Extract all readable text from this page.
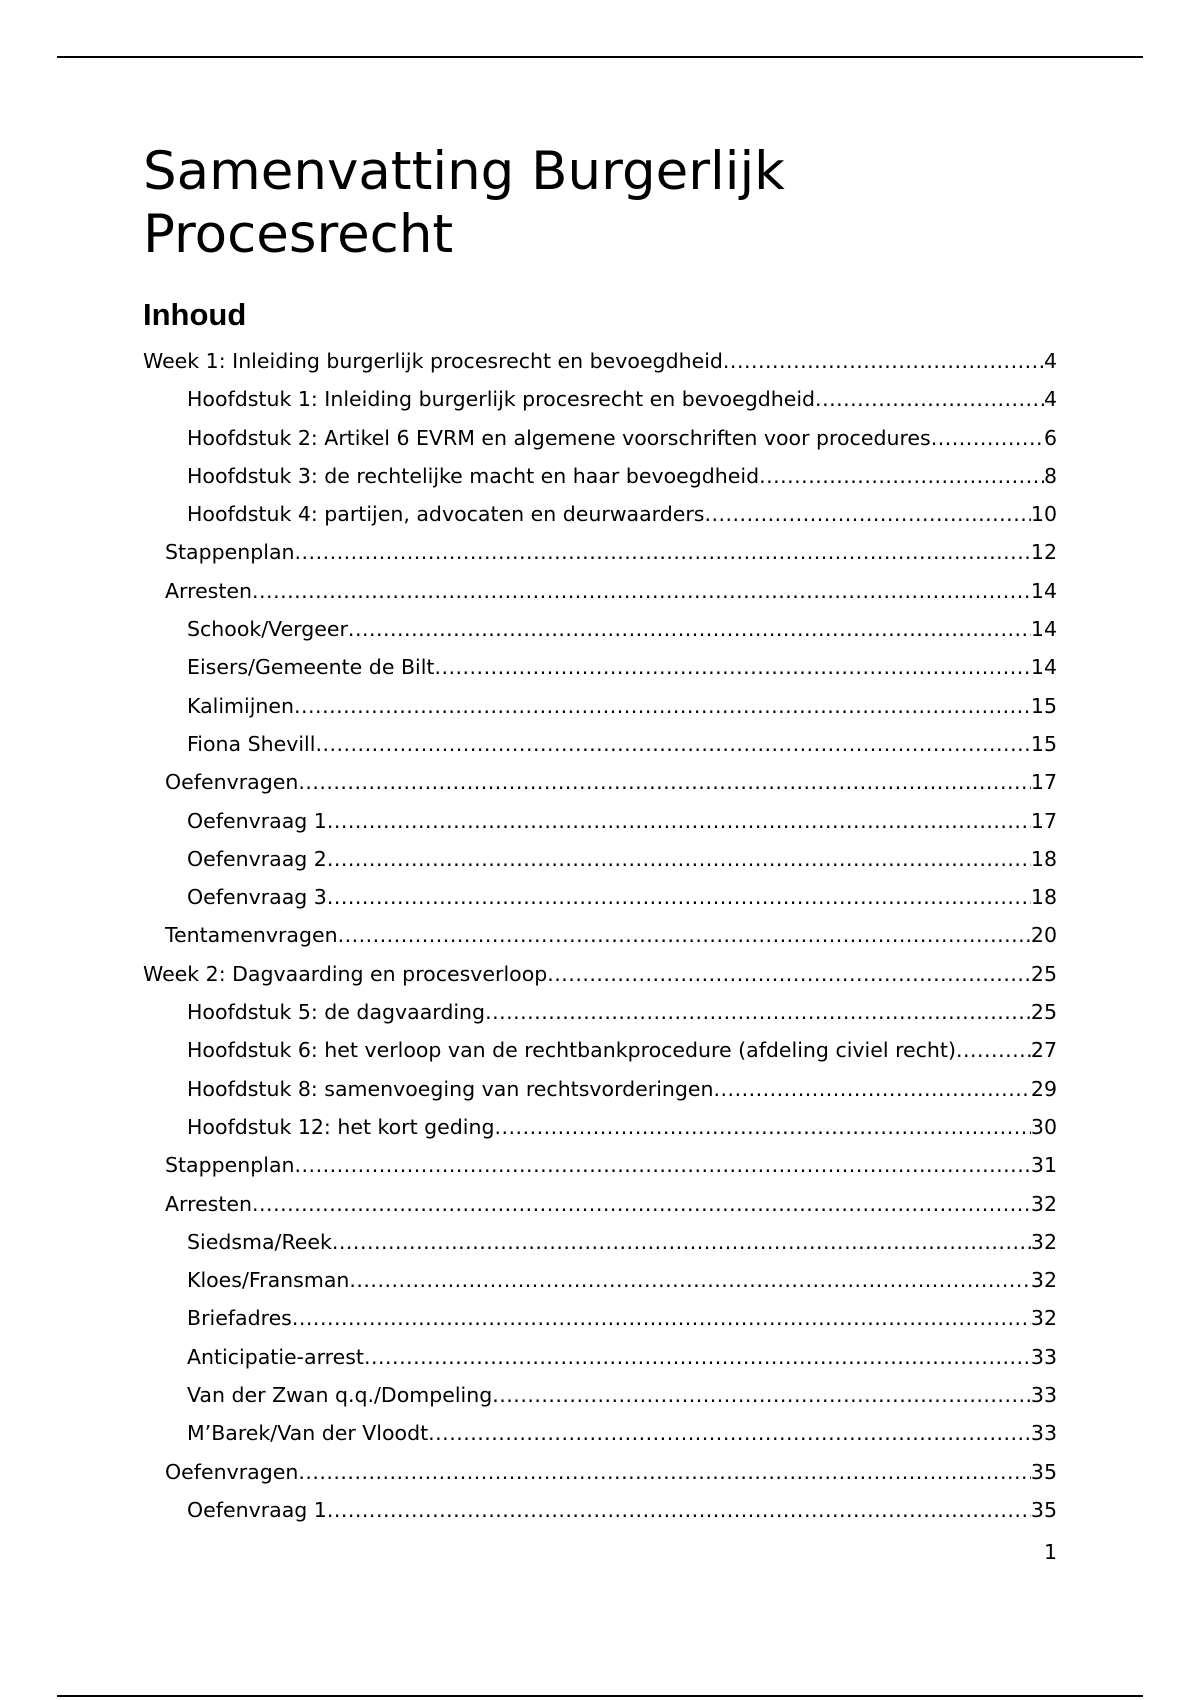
Samenvatting Burgerlijk Procesrecht
Inhoud
Week 1: Inleiding burgerlijk procesrecht en bevoegdheid .....	4
Hoofdstuk 1: Inleiding burgerlijk procesrecht en bevoegdheid .....	4
Hoofdstuk 2: Artikel 6 EVRM en algemene voorschriften voor procedures .....	6
Hoofdstuk 3: de rechtelijke macht en haar bevoegdheid .....	8
Hoofdstuk 4: partijen, advocaten en deurwaarders .....	10
Stappenplan .....	12
Arresten .....	14
Schook/Vergeer .....	14
Eisers/Gemeente de Bilt .....	14
Kalimijnen .....	15
Fiona Shevill .....	15
Oefenvragen .....	17
Oefenvraag 1 .....	17
Oefenvraag 2 .....	18
Oefenvraag 3 .....	18
Tentamenvragen .....	20
Week 2: Dagvaarding en procesverloop .....	25
Hoofdstuk 5: de dagvaarding .....	25
Hoofdstuk 6: het verloop van de rechtbankprocedure (afdeling civiel recht) .....	27
Hoofdstuk 8: samenvoeging van rechtsvorderingen .....	29
Hoofdstuk 12: het kort geding .....	30
Stappenplan .....	31
Arresten .....	32
Siedsma/Reek .....	32
Kloes/Fransman .....	32
Briefadres .....	32
Anticipatie-arrest .....	33
Van der Zwan q.q./Dompeling .....	33
M’Barek/Van der Vloodt .....	33
Oefenvragen .....	35
Oefenvraag 1 .....	35
1
